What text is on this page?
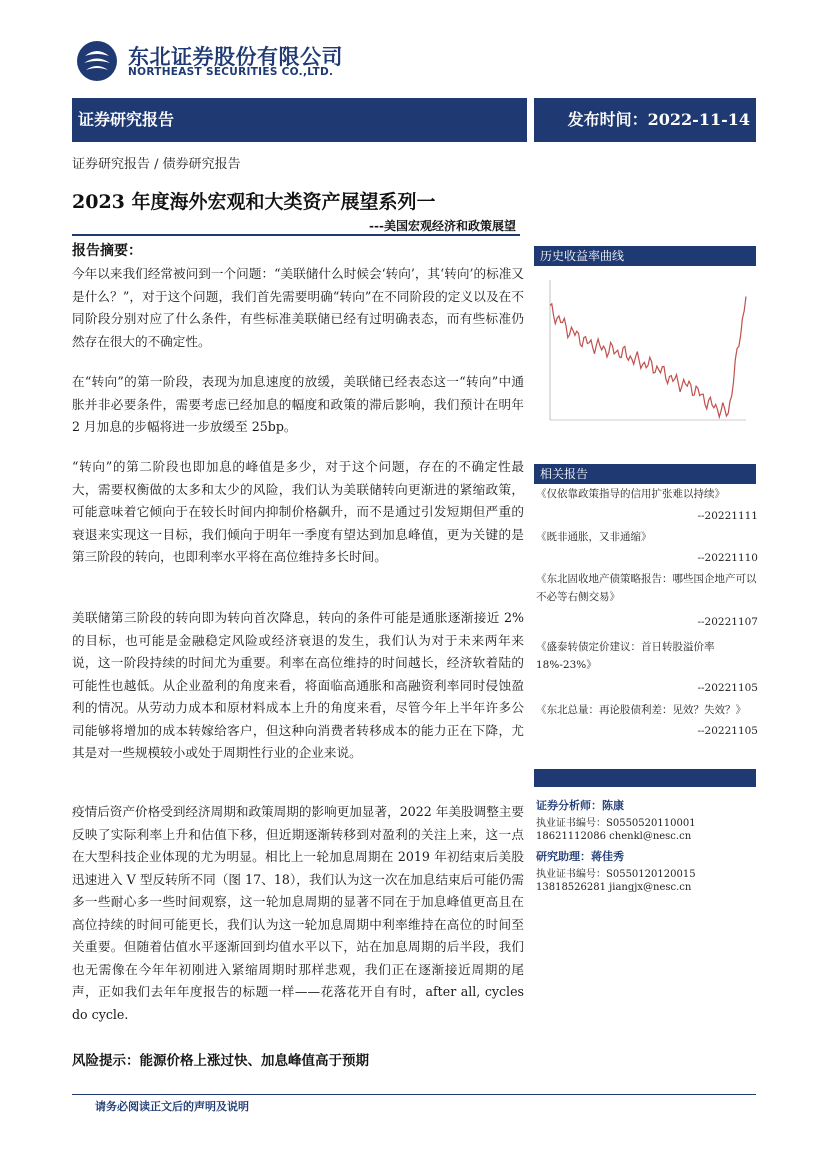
东北证券股份有限公司
NORTHEAST SECURITIES CO.,LTD.
证券研究报告	发布时间：2022-11-14
证券研究报告 / 债券研究报告
2023 年度海外宏观和大类资产展望系列一
---美国宏观经济和政策展望
报告摘要：
今年以来我们经常被问到一个问题：“美联储什么时候会‘转向’，其‘转向’的标准又是什么？”，对于这个问题，我们首先需要明确“转向”在不同阶段的定义以及在不同阶段分别对应了什么条件，有些标准美联储已经有过明确表态，而有些标准仍然存在很大的不确定性。
在“转向”的第一阶段，表现为加息速度的放缓，美联储已经表态这一“转向”中通胀并非必要条件，需要考虑已经加息的幅度和政策的滞后影响，我们预计在明年 2 月加息的步幅将进一步放缓至 25bp。
“转向”的第二阶段也即加息的峰值是多少，对于这个问题，存在的不确定性最大，需要权衡做的太多和太少的风险，我们认为美联储转向更渐进的紧缩政策，可能意味着它倾向于在较长时间内抑制价格飙升，而不是通过引发短期但严重的衰退来实现这一目标，我们倾向于明年一季度有望达到加息峰值，更为关键的是第三阶段的转向，也即利率水平将在高位维持多长时间。
美联储第三阶段的转向即为转向首次降息，转向的条件可能是通胀逐渐接近 2%的目标，也可能是金融稳定风险或经济衰退的发生，我们认为对于未来两年来说，这一阶段持续的时间尤为重要。利率在高位维持的时间越长，经济软着陆的可能性也越低。从企业盈利的角度来看，将面临高通胀和高融资利率同时侵蚀盈利的情况。从劳动力成本和原材料成本上升的角度来看，尽管今年上半年许多公司能够将增加的成本转嫁给客户，但这种向消费者转移成本的能力正在下降，尤其是对一些规模较小或处于周期性行业的企业来说。
疫情后资产价格受到经济周期和政策周期的影响更加显著，2022 年美股调整主要反映了实际利率上升和估值下移，但近期逐渐转移到对盈利的关注上来，这一点在大型科技企业体现的尤为明显。相比上一轮加息周期在 2019 年初结束后美股迅速进入 V 型反转所不同（图 17、18），我们认为这一次在加息结束后可能仍需多一些耐心多一些时间观察，这一轮加息周期的显著不同在于加息峰值更高且在高位持续的时间可能更长，我们认为这一轮加息周期中利率维持在高位的时间至关重要。但随着估值水平逐渐回到均值水平以下，站在加息周期的后半段，我们也无需像在今年年初刚进入紧缩周期时那样悲观，我们正在逐渐接近周期的尾声，正如我们去年年度报告的标题一样——花落花开自有时，after all, cycles do cycle.
风险提示：能源价格上涨过快、加息峰值高于预期
请务必阅读正文后的声明及说明
历史收益率曲线
相关报告
《仅依靠政策指导的信用扩张难以持续》
--20221111
《既非通胀，又非通缩》
--20221110
《东北固收地产债策略报告：哪些国企地产可以不必等右侧交易》
--20221107
《盛泰转债定价建议：首日转股溢价率 18%-23%》
--20221105
《东北总量：再论股债利差：见效？失效？》
--20221105
证券分析师：陈康
执业证书编号：S0550520110001
18621112086 chenkl@nesc.cn
研究助理：蒋佳秀
执业证书编号：S0550120120015
13818526281 jiangjx@nesc.cn
